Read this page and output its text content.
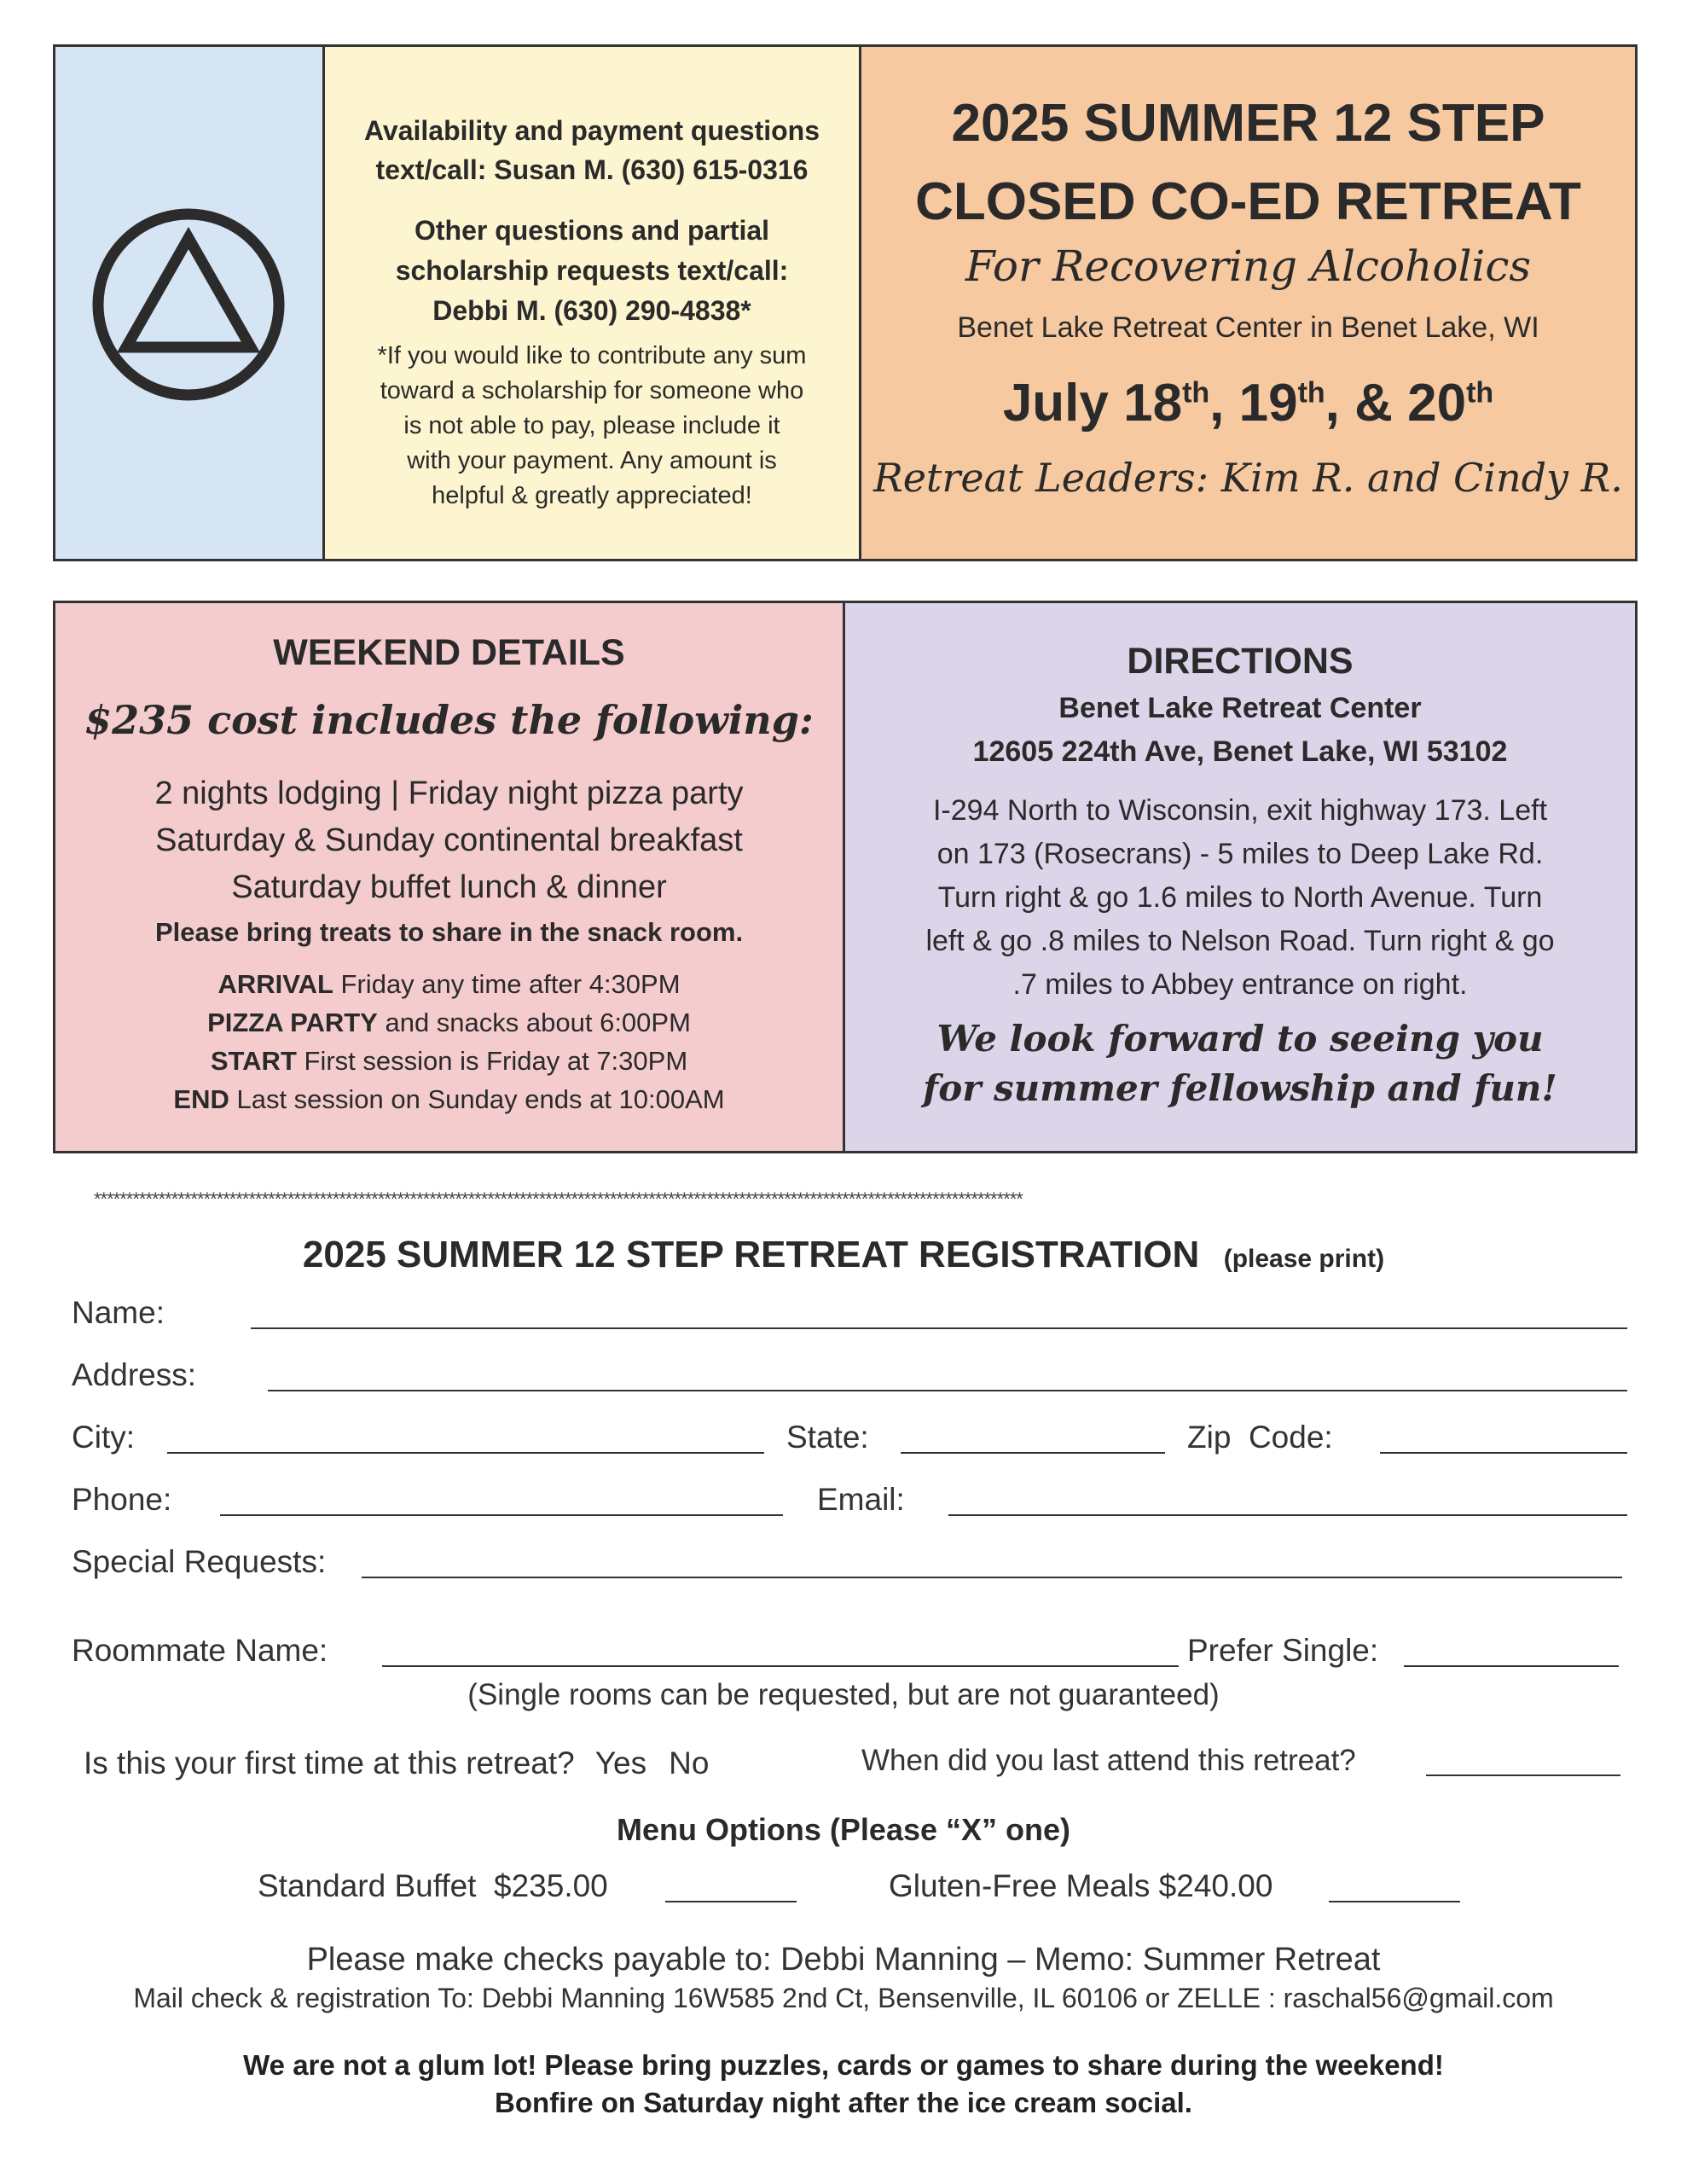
Availability and payment questions
text/call: Susan M. (630) 615-0316
Other questions and partial
scholarship requests text/call:
Debbi M. (630) 290-4838*
*If you would like to contribute any sum
toward a scholarship for someone who
is not able to pay, please include it
with your payment. Any amount is
helpful & greatly appreciated!
2025 SUMMER 12 STEP
CLOSED CO-ED RETREAT
For Recovering Alcoholics
Benet Lake Retreat Center in Benet Lake, WI
July 18th, 19th, & 20th
Retreat Leaders: Kim R. and Cindy R.
WEEKEND DETAILS
$235 cost includes the following:
2 nights lodging | Friday night pizza party
Saturday & Sunday continental breakfast
Saturday buffet lunch & dinner
Please bring treats to share in the snack room.
ARRIVAL Friday any time after 4:30PM
PIZZA PARTY and snacks about 6:00PM
START First session is Friday at 7:30PM
END Last session on Sunday ends at 10:00AM
DIRECTIONS
Benet Lake Retreat Center
12605 224th Ave, Benet Lake, WI 53102
I-294 North to Wisconsin, exit highway 173. Left
on 173 (Rosecrans) - 5 miles to Deep Lake Rd.
Turn right & go 1.6 miles to North Avenue. Turn
left & go .8 miles to Nelson Road. Turn right & go
.7 miles to Abbey entrance on right.
We look forward to seeing you
for summer fellowship and fun!
************************************************************************************************************************************************
2025 SUMMER 12 STEP RETREAT REGISTRATION (please print)
Name:
Address:
City:	State:	Zip  Code:
Phone:	Email:
Special Requests:
Roommate Name:	Prefer Single:
(Single rooms can be requested, but are not guaranteed)
Is this your first time at this retreat? Yes No	When did you last attend this retreat?
Menu Options (Please “X” one)
Standard Buffet  $235.00	Gluten-Free Meals $240.00
Please make checks payable to: Debbi Manning – Memo: Summer Retreat
Mail check & registration To: Debbi Manning 16W585 2nd Ct, Bensenville, IL 60106 or ZELLE : raschal56@gmail.com
We are not a glum lot! Please bring puzzles, cards or games to share during the weekend!
Bonfire on Saturday night after the ice cream social.
